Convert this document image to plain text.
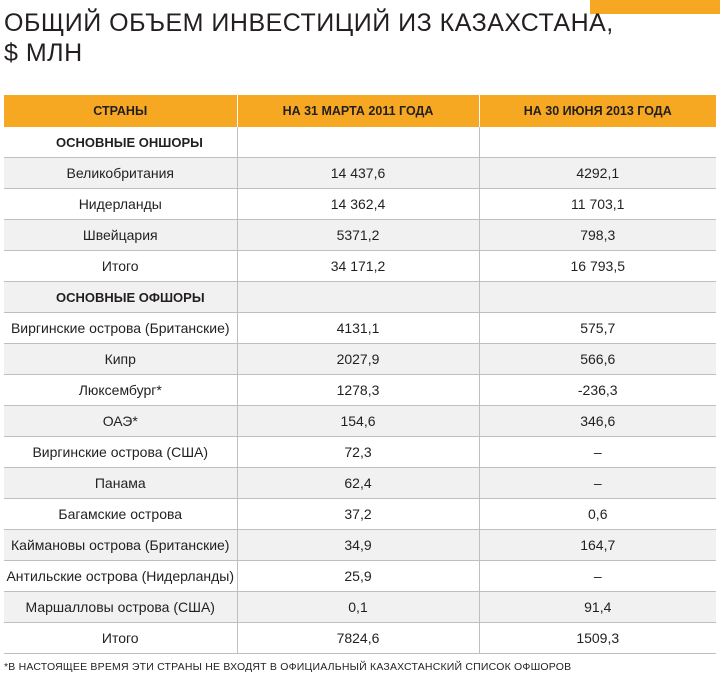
ОБЩИЙ ОБЪЕМ ИНВЕСТИЦИЙ ИЗ КАЗАХСТАНА,
$ МЛН
СТРАНЫ	НА 31 МАРТА 2011 ГОДА	НА 30 ИЮНЯ 2013 ГОДА
ОСНОВНЫЕ ОНШОРЫ		
Великобритания	14 437,6	4292,1
Нидерланды	14 362,4	11 703,1
Швейцария	5371,2	798,3
Итого	34 171,2	16 793,5
ОСНОВНЫЕ ОФШОРЫ		
Виргинские острова (Британские)	4131,1	575,7
Кипр	2027,9	566,6
Люксембург*	1278,3	-236,3
ОАЭ*	154,6	346,6
Виргинские острова (США)	72,3	–
Панама	62,4	–
Багамские острова	37,2	0,6
Каймановы острова (Британские)	34,9	164,7
Антильские острова (Нидерланды)	25,9	–
Маршалловы острова (США)	0,1	91,4
Итого	7824,6	1509,3
*В НАСТОЯЩЕЕ ВРЕМЯ ЭТИ СТРАНЫ НЕ ВХОДЯТ В ОФИЦИАЛЬНЫЙ КАЗАХСТАНСКИЙ СПИСОК ОФШОРОВ
